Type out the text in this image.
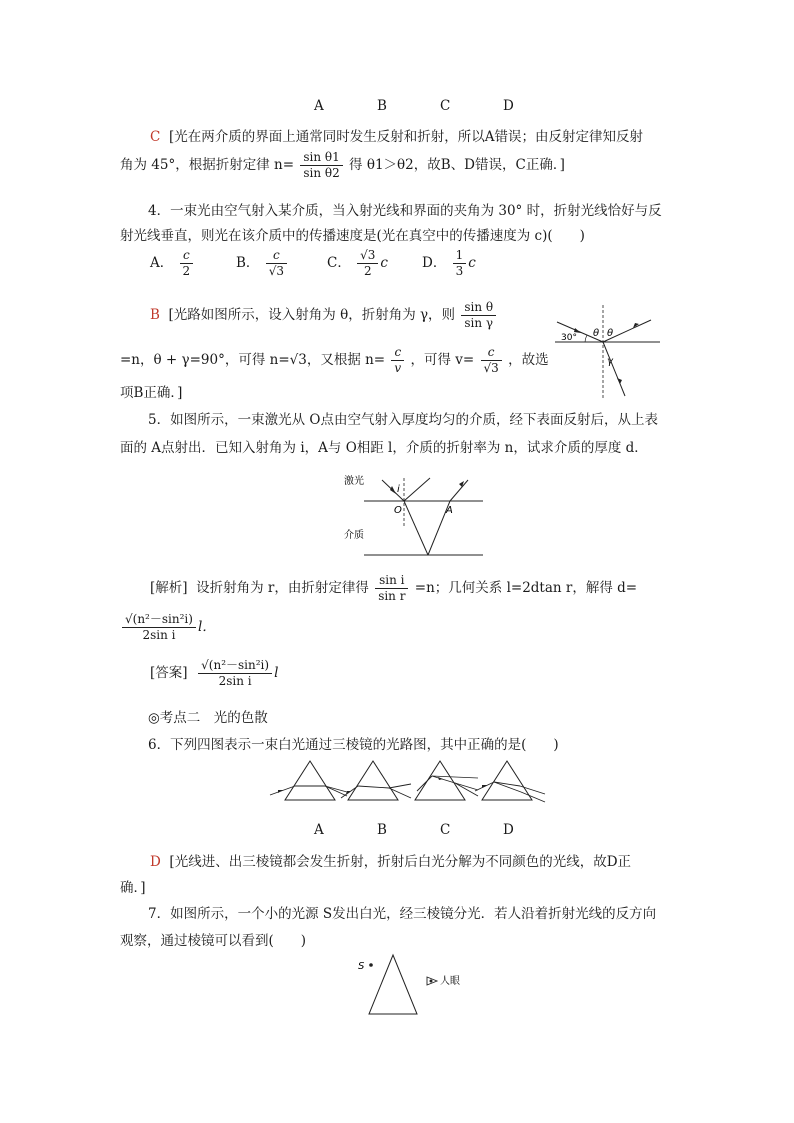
A	B	C	D
C [光在两介质的界面上通常同时发生反射和折射，所以A错误；由反射定律知反射
角为 45°，根据折射定律 $n= \frac{\text{sin θ1}}{\text{sin θ2}}$ 得 θ1＞θ2，故B、D错误，C正确．]
4．一束光由空气射入某介质，当入射光线和界面的夹角为 30° 时，折射光线恰好与反
射光线垂直，则光在该介质中的传播速度是(光在真空中的传播速度为 c)(　　)
A． $\frac{c}{2}$	B． $\frac{c}{√3}$	C． $\frac{√3}{2}$ c	D． $\frac{1}{3}$ c
B [光路如图所示，设入射角为 θ，折射角为 γ，则 $\frac{\text{sin θ}}{\text{sin γ}}$
=n，θ + γ=90°，可得 n=√3，又根据 $n= \frac{c}{v}$ ，可得 $v= \frac{c}{√3}$ ，故选
项B正确．]
30° θ θ
γ
5．如图所示，一束激光从 O点由空气射入厚度均匀的介质，经下表面反射后，从上表
面的 A点射出．已知入射角为 i，A与 O相距 l，介质的折射率为 n，试求介质的厚度 d．
激光
i
O	A
介质
[解析] 设折射角为 r，由折射定律得 $\frac{\text{sin i}}{\text{sin r}} =n$；几何关系 l=2dtan r，解得 d=
$\frac{\text{√(n²－sin²i)}}{\text{2sin i}}$ l．
[答案] $\frac{\text{√(n²－sin²i)}}{\text{2sin i}}$ l
◎考点二　光的色散
6．下列四图表示一束白光通过三棱镜的光路图，其中正确的是(　　)
A	B	C	D
D [光线进、出三棱镜都会发生折射，折射后白光分解为不同颜色的光线，故D正
确．]
7．如图所示，一个小的光源 S发出白光，经三棱镜分光．若人沿着折射光线的反方向
观察，通过棱镜可以看到(　　)
S
人眼
